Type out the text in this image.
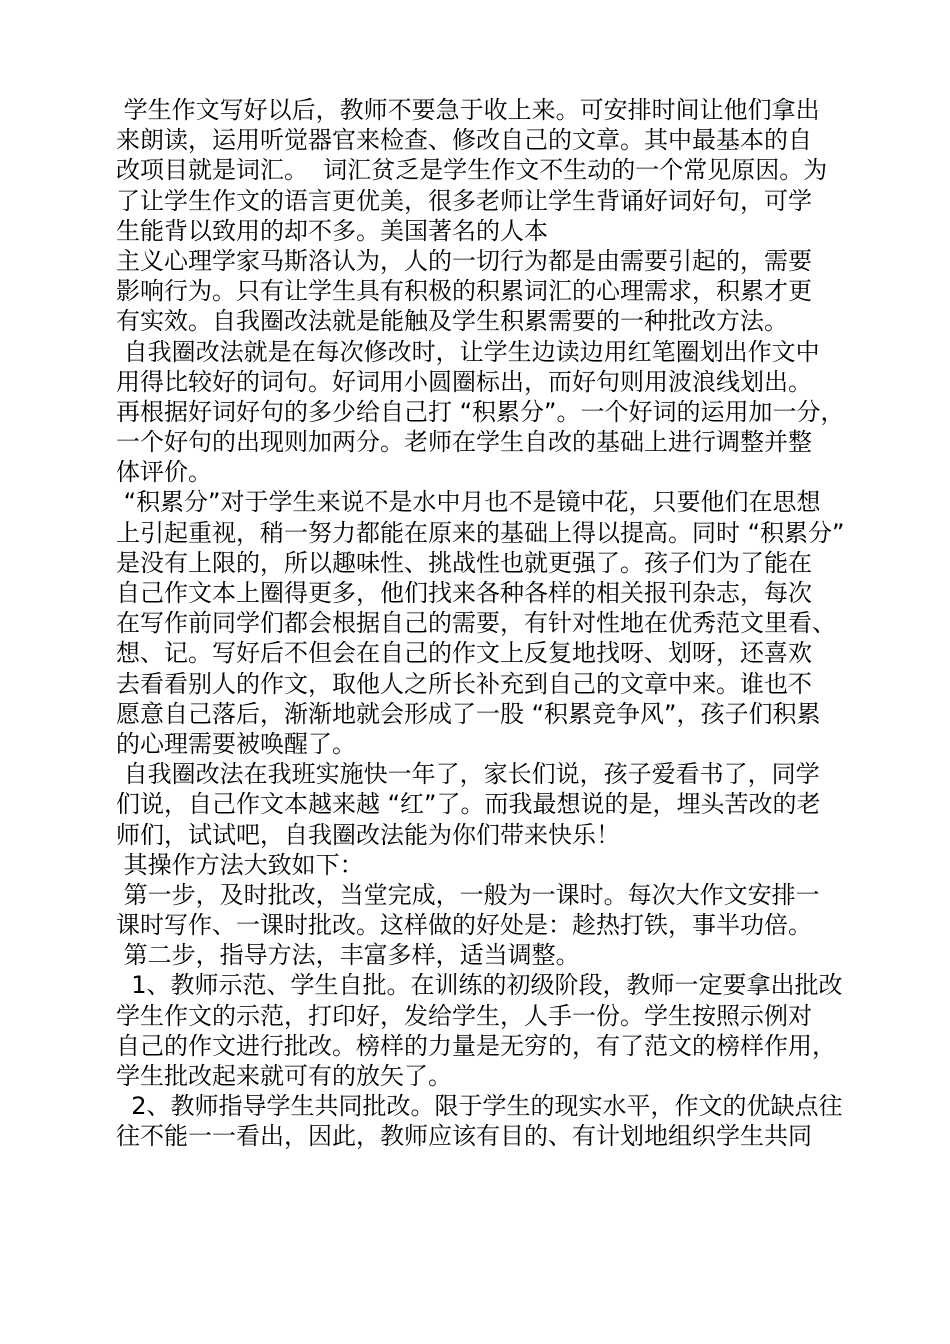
学生作文写好以后，教师不要急于收上来。可安排时间让他们拿出
来朗读，运用听觉器官来检查、修改自己的文章。其中最基本的自
改项目就是词汇。  词汇贫乏是学生作文不生动的一个常见原因。为
了让学生作文的语言更优美，很多老师让学生背诵好词好句，可学
生能背以致用的却不多。美国著名的人本
主义心理学家马斯洛认为，人的一切行为都是由需要引起的，需要
影响行为。只有让学生具有积极的积累词汇的心理需求，积累才更
有实效。自我圈改法就是能触及学生积累需要的一种批改方法。
自我圈改法就是在每次修改时，让学生边读边用红笔圈划出作文中
用得比较好的词句。好词用小圆圈标出，而好句则用波浪线划出。
再根据好词好句的多少给自己打 “积累分”。一个好词的运用加一分，
一个好句的出现则加两分。老师在学生自改的基础上进行调整并整
体评价。
“积累分”对于学生来说不是水中月也不是镜中花，只要他们在思想
上引起重视，稍一努力都能在原来的基础上得以提高。同时 “积累分”
是没有上限的，所以趣味性、挑战性也就更强了。孩子们为了能在
自己作文本上圈得更多，他们找来各种各样的相关报刊杂志，每次
在写作前同学们都会根据自己的需要，有针对性地在优秀范文里看、
想、记。写好后不但会在自己的作文上反复地找呀、划呀，还喜欢
去看看别人的作文，取他人之所长补充到自己的文章中来。谁也不
愿意自己落后，渐渐地就会形成了一股 “积累竞争风”，孩子们积累
的心理需要被唤醒了。
自我圈改法在我班实施快一年了，家长们说，孩子爱看书了，同学
们说，自己作文本越来越 “红”了。而我最想说的是，埋头苦改的老
师们，试试吧，自我圈改法能为你们带来快乐！
其操作方法大致如下：
第一步，及时批改，当堂完成，一般为一课时。每次大作文安排一
课时写作、一课时批改。这样做的好处是：趁热打铁，事半功倍。
第二步，指导方法，丰富多样，适当调整。
1、教师示范、学生自批。在训练的初级阶段，教师一定要拿出批改
学生作文的示范，打印好，发给学生，人手一份。学生按照示例对
自己的作文进行批改。榜样的力量是无穷的，有了范文的榜样作用，
学生批改起来就可有的放矢了。
2、教师指导学生共同批改。限于学生的现实水平，作文的优缺点往
往不能一一看出，因此，教师应该有目的、有计划地组织学生共同
